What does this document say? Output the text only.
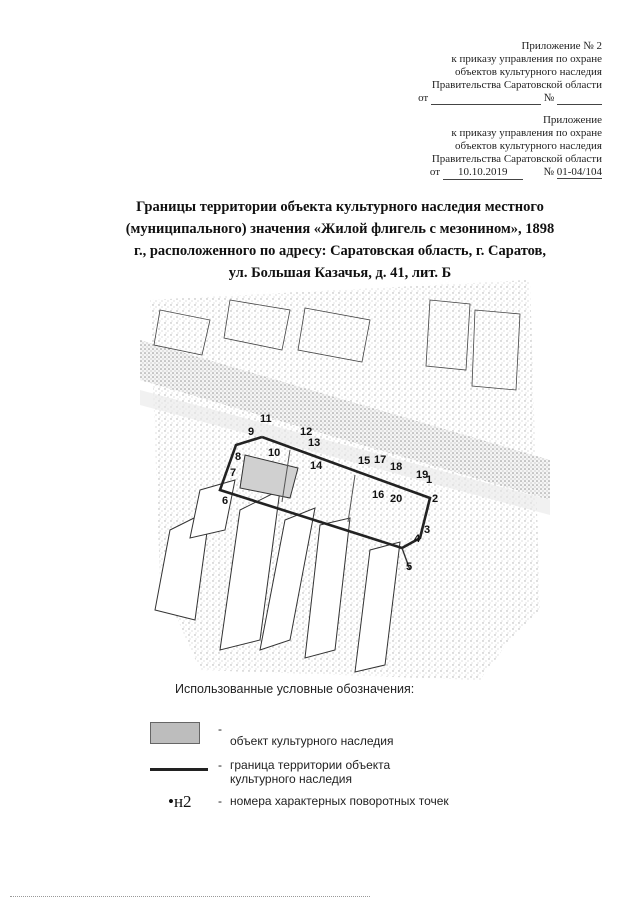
Приложение № 2
к приказу управления по охране
объектов культурного наследия
Правительства Саратовской области
от	№
Приложение
к приказу управления по охране
объектов культурного наследия
Правительства Саратовской области
от 10.10.2019	№ 01-04/104
Границы территории объекта культурного наследия местного
(муниципального) значения «Жилой флигель с мезонином», 1898
г., расположенного по адресу: Саратовская область, г. Саратов,
ул. Большая Казачья, д. 41, лит. Б
1
2
3
4
5
6
7
8
9
10
11
12
13
14	15
16
17
18
19
20
Использованные условные обозначения:
-
объект культурного наследия
- граница территории объекта
культурного наследия
•н2 - номера характерных поворотных точек
